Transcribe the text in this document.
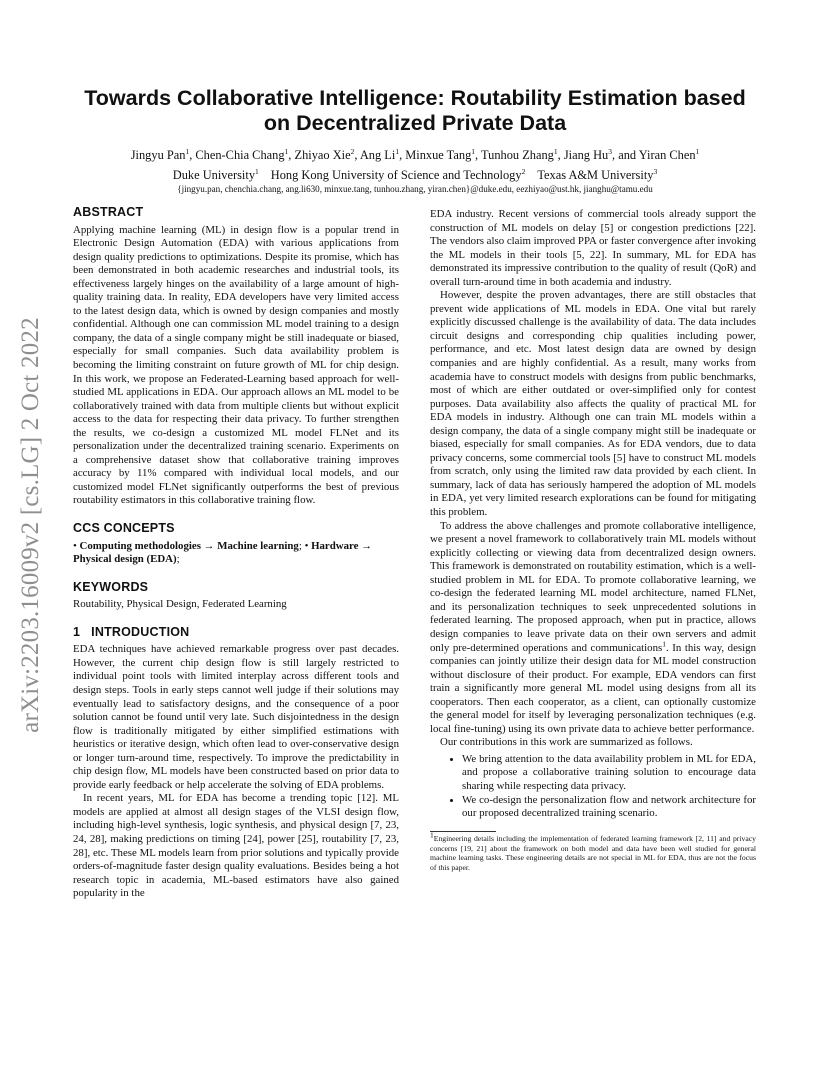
arXiv:2203.16009v2 [cs.LG] 2 Oct 2022
Towards Collaborative Intelligence: Routability Estimation based on Decentralized Private Data
Jingyu Pan$^1$, Chen-Chia Chang$^1$, Zhiyao Xie$^2$, Ang Li$^1$, Minxue Tang$^1$, Tunhou Zhang$^1$, Jiang Hu$^3$, and Yiran Chen$^1$
Duke University$^1$ Hong Kong University of Science and Technology$^2$ Texas A&M University$^3$
{jingyu.pan, chenchia.chang, ang.li630, minxue.tang, tunhou.zhang, yiran.chen}@duke.edu, eezhiyao@ust.hk, jianghu@tamu.edu
ABSTRACT

Applying machine learning (ML) in design flow is a popular trend in Electronic Design Automation (EDA) with various applications from design quality predictions to optimizations. Despite its promise, which has been demonstrated in both academic researches and industrial tools, its effectiveness largely hinges on the availability of a large amount of high-quality training data. In reality, EDA developers have very limited access to the latest design data, which is owned by design companies and mostly confidential. Although one can commission ML model training to a design company, the data of a single company might be still inadequate or biased, especially for small companies. Such data availability problem is becoming the limiting constraint on future growth of ML for chip design. In this work, we propose an Federated-Learning based approach for well-studied ML applications in EDA. Our approach allows an ML model to be collaboratively trained with data from multiple clients but without explicit access to the data for respecting their data privacy. To further strengthen the results, we co-design a customized ML model FLNet and its personalization under the decentralized training scenario. Experiments on a comprehensive dataset show that collaborative training improves accuracy by 11% compared with individual local models, and our customized model FLNet significantly outperforms the best of previous routability estimators in this collaborative training flow.

CCS CONCEPTS

• Computing methodologies → Machine learning; • Hardware → Physical design (EDA);

KEYWORDS

Routability, Physical Design, Federated Learning

1   INTRODUCTION

EDA techniques have achieved remarkable progress over past decades. However, the current chip design flow is still largely restricted to individual point tools with limited interplay across different tools and design steps. Tools in early steps cannot well judge if their solutions may eventually lead to satisfactory designs, and the consequence of a poor solution cannot be found until very late. Such disjointedness in the design flow is traditionally mitigated by either simplified estimations with heuristics or iterative design, which often lead to over-conservative design or longer turn-around time, respectively. To improve the predictability in chip design flow, ML models have been constructed based on prior data to provide early feedback or help accelerate the solving of EDA problems.

In recent years, ML for EDA has become a trending topic [12]. ML models are applied at almost all design stages of the VLSI design flow, including high-level synthesis, logic synthesis, and physical design [7, 23, 24, 28], making predictions on timing [24], power [25], routability [7, 23, 28], etc. These ML models learn from prior solutions and typically provide orders-of-magnitude faster design quality evaluations. Besides being a hot research topic in academia, ML-based estimators have also gained popularity in the

EDA industry. Recent versions of commercial tools already support the construction of ML models on delay [5] or congestion predictions [22]. The vendors also claim improved PPA or faster convergence after invoking the ML models in their tools [5, 22]. In summary, ML for EDA has demonstrated its impressive contribution to the quality of result (QoR) and overall turn-around time in both academia and industry.

However, despite the proven advantages, there are still obstacles that prevent wide applications of ML models in EDA. One vital but rarely explicitly discussed challenge is the availability of data. The data includes circuit designs and corresponding chip qualities including power, performance, and etc. Most latest design data are owned by design companies and are highly confidential. As a result, many works from academia have to construct models with designs from public benchmarks, most of which are either outdated or over-simplified only for contest purposes. Data availability also affects the quality of practical ML for EDA models in industry. Although one can train ML models within a design company, the data of a single company might still be inadequate or biased, especially for small companies. As for EDA vendors, due to data privacy concerns, some commercial tools [5] have to construct ML models from scratch, only using the limited raw data provided by each client. In summary, lack of data has seriously hampered the adoption of ML models in EDA, yet very limited research explorations can be found for mitigating this problem.

To address the above challenges and promote collaborative intelligence, we present a novel framework to collaboratively train ML models without explicitly collecting or viewing data from decentralized design owners. This framework is demonstrated on routability estimation, which is a well-studied problem in ML for EDA. To promote collaborative learning, we co-design the federated learning ML model architecture, named FLNet, and its personalization techniques to seek unprecedented solutions in federated learning. The proposed approach, when put in practice, allows design companies to leave private data on their own servers and admit only pre-determined operations and communications$^1$. In this way, design companies can jointly utilize their design data for ML model construction without disclosure of their product. For example, EDA vendors can first train a significantly more general ML model using designs from all its cooperators. Then each cooperator, as a client, can optionally customize the general model for itself by leveraging personalization techniques (e.g. local fine-tuning) using its own private data to achieve better performance.

Our contributions in this work are summarized as follows.

• We bring attention to the data availability problem in ML for EDA, and propose a collaborative training solution to encourage data sharing while respecting data privacy.
• We co-design the personalization flow and network architecture for our proposed decentralized training scenario.
$^1$Engineering details including the implementation of federated learning framework [2, 11] and privacy concerns [19, 21] about the framework on both model and data have been well studied for general machine learning tasks. These engineering details are not special in ML for EDA, thus are not the focus of this paper.
